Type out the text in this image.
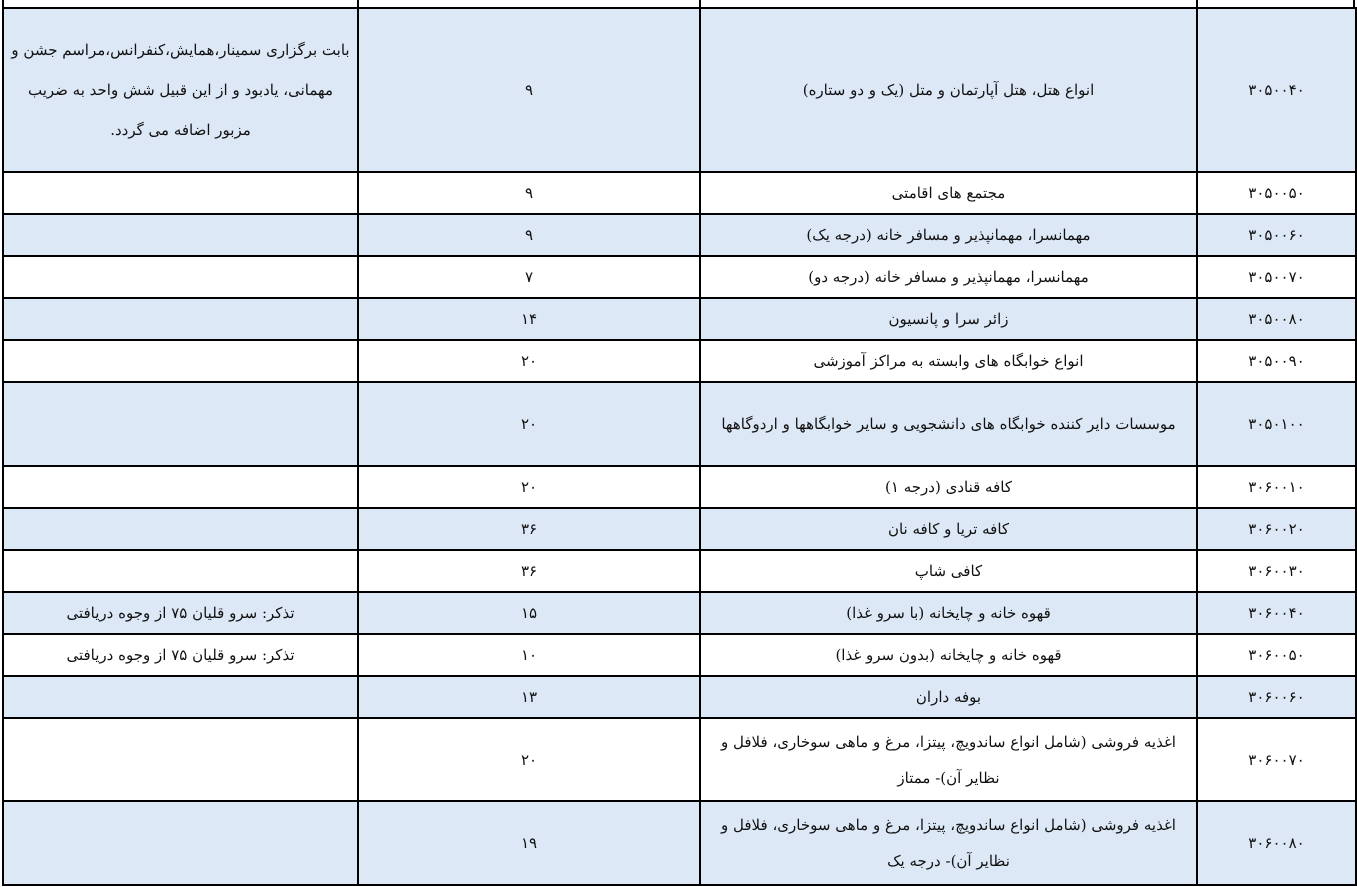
۳۰۵۰۰۴۰	انواع هتل، هتل آپارتمان و متل (یک و دو ستاره)	۹	بابت برگزاری سمینار،همایش،کنفرانس،مراسم جشن و مهمانی، یادبود و از این قبیل شش واحد به ضریب مزبور اضافه می گردد.
۳۰۵۰۰۵۰	مجتمع های اقامتی	۹	
۳۰۵۰۰۶۰	مهمانسرا، مهمانپذیر و مسافر خانه (درجه یک)	۹	
۳۰۵۰۰۷۰	مهمانسرا، مهمانپذیر و مسافر خانه (درجه دو)	۷	
۳۰۵۰۰۸۰	زائر سرا و پانسیون	۱۴	
۳۰۵۰۰۹۰	انواع خوابگاه های وابسته به مراکز آموزشی	۲۰	
۳۰۵۰۱۰۰	موسسات دایر کننده خوابگاه های دانشجویی و سایر خوابگاهها و اردوگاهها	۲۰	
۳۰۶۰۰۱۰	کافه قنادی (درجه ۱)	۲۰	
۳۰۶۰۰۲۰	کافه تریا و کافه نان	۳۶	
۳۰۶۰۰۳۰	کافی شاپ	۳۶	
۳۰۶۰۰۴۰	قهوه خانه و چایخانه (با سرو غذا)	۱۵	تذکر: سرو قلیان ۷۵ از وجوه دریافتی
۳۰۶۰۰۵۰	قهوه خانه و چایخانه (بدون سرو غذا)	۱۰	تذکر: سرو قلیان ۷۵ از وجوه دریافتی
۳۰۶۰۰۶۰	بوفه داران	۱۳	
۳۰۶۰۰۷۰	اغذیه فروشی (شامل انواع ساندویچ، پیتزا، مرغ و ماهی سوخاری، فلافل و نظایر آن)- ممتاز	۲۰	
۳۰۶۰۰۸۰	اغذیه فروشی (شامل انواع ساندویچ، پیتزا، مرغ و ماهی سوخاری، فلافل و نظایر آن)- درجه یک	۱۹	
